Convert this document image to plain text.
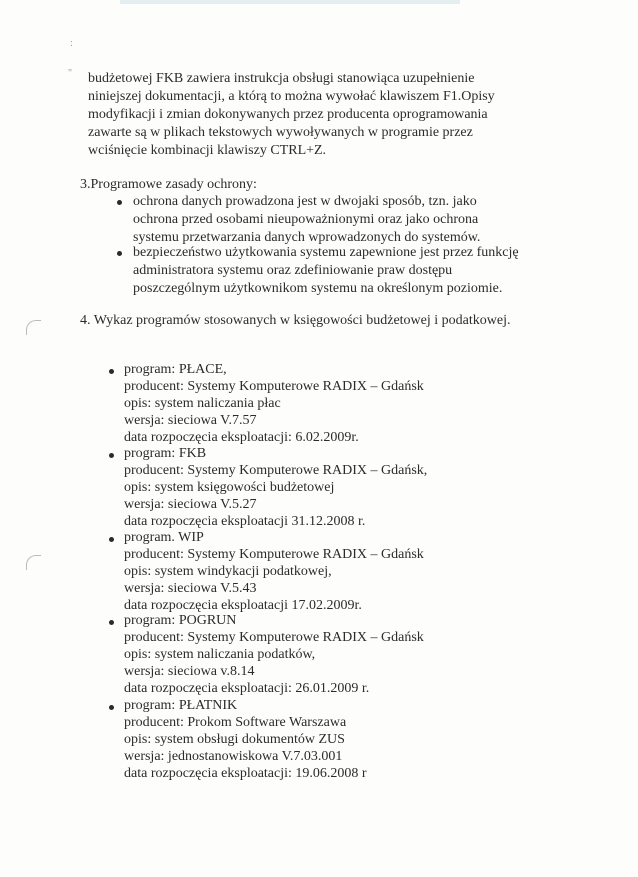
:
" budżetowej FKB zawiera instrukcja obsługi stanowiąca uzupełnienie
niniejszej dokumentacji, a którą to można wywołać klawiszem F1.Opisy
modyfikacji i zmian dokonywanych przez producenta oprogramowania
zawarte są w plikach tekstowych wywoływanych w programie przez
wciśnięcie kombinacji klawiszy CTRL+Z.
3.Programowe zasady ochrony:
ochrona danych prowadzona jest w dwojaki sposób, tzn. jako
ochrona przed osobami nieupoważnionymi oraz jako ochrona
systemu przetwarzania danych wprowadzonych do systemów.
bezpieczeństwo użytkowania systemu zapewnione jest przez funkcję
administratora systemu oraz zdefiniowanie praw dostępu
poszczególnym użytkownikom systemu na określonym poziomie.
4. Wykaz programów stosowanych w księgowości budżetowej i podatkowej.
program: PŁACE,
producent: Systemy Komputerowe RADIX – Gdańsk
opis: system naliczania płac
wersja: sieciowa V.7.57
data rozpoczęcia eksploatacji: 6.02.2009r.
program: FKB
producent: Systemy Komputerowe RADIX – Gdańsk,
opis: system księgowości budżetowej
wersja: sieciowa V.5.27
data rozpoczęcia eksploatacji 31.12.2008 r.
program. WIP
producent: Systemy Komputerowe RADIX – Gdańsk
opis: system windykacji podatkowej,
wersja: sieciowa V.5.43
data rozpoczęcia eksploatacji 17.02.2009r.
program: POGRUN
producent: Systemy Komputerowe RADIX – Gdańsk
opis: system naliczania podatków,
wersja: sieciowa v.8.14
data rozpoczęcia eksploatacji: 26.01.2009 r.
program: PŁATNIK
producent: Prokom Software Warszawa
opis: system obsługi dokumentów ZUS
wersja: jednostanowiskowa V.7.03.001
data rozpoczęcia eksploatacji: 19.06.2008 r
